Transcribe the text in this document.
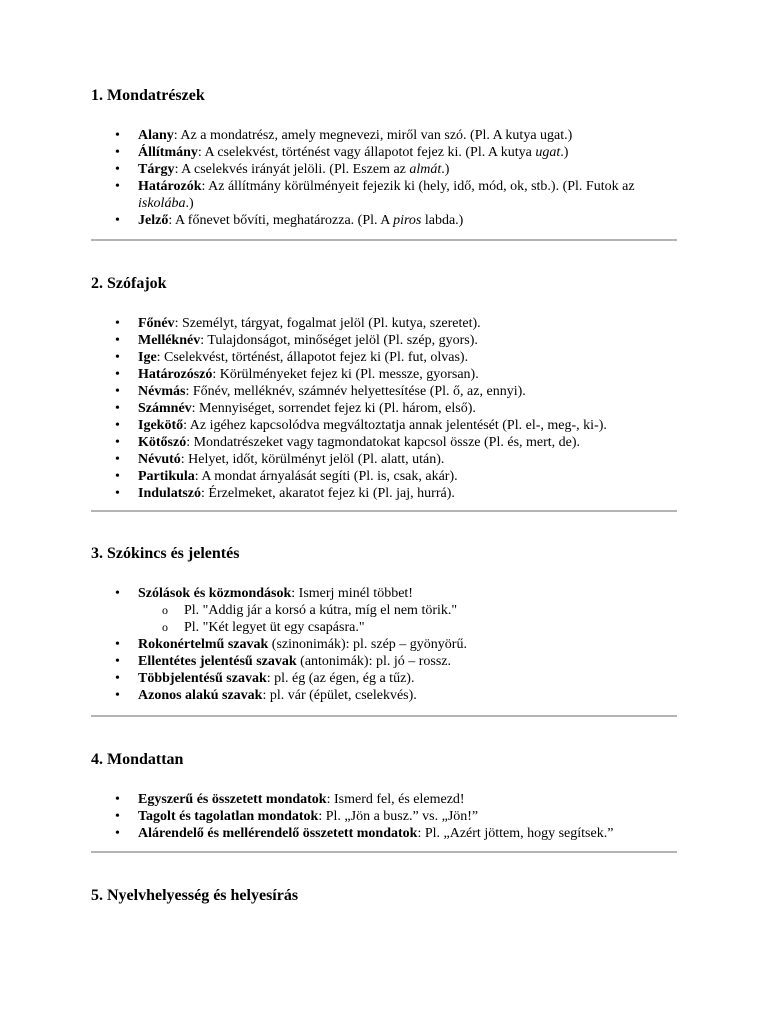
1. Mondatrészek
• Alany: Az a mondatrész, amely megnevezi, miről van szó. (Pl. A kutya ugat.)
• Állítmány: A cselekvést, történést vagy állapotot fejez ki. (Pl. A kutya ugat.)
• Tárgy: A cselekvés irányát jelöli. (Pl. Eszem az almát.)
• Határozók: Az állítmány körülményeit fejezik ki (hely, idő, mód, ok, stb.). (Pl. Futok az iskolába.)
• Jelző: A főnevet bővíti, meghatározza. (Pl. A piros labda.)
2. Szófajok
• Főnév: Személyt, tárgyat, fogalmat jelöl (Pl. kutya, szeretet).
• Melléknév: Tulajdonságot, minőséget jelöl (Pl. szép, gyors).
• Ige: Cselekvést, történést, állapotot fejez ki (Pl. fut, olvas).
• Határozószó: Körülményeket fejez ki (Pl. messze, gyorsan).
• Névmás: Főnév, melléknév, számnév helyettesítése (Pl. ő, az, ennyi).
• Számnév: Mennyiséget, sorrendet fejez ki (Pl. három, első).
• Igekötő: Az igéhez kapcsolódva megváltoztatja annak jelentését (Pl. el-, meg-, ki-).
• Kötőszó: Mondatrészeket vagy tagmondatokat kapcsol össze (Pl. és, mert, de).
• Névutó: Helyet, időt, körülményt jelöl (Pl. alatt, után).
• Partikula: A mondat árnyalását segíti (Pl. is, csak, akár).
• Indulatszó: Érzelmeket, akaratot fejez ki (Pl. jaj, hurrá).
3. Szókincs és jelentés
• Szólások és közmondások: Ismerj minél többet!
o Pl. "Addig jár a korsó a kútra, míg el nem törik."
o Pl. "Két legyet üt egy csapásra."
• Rokonértelmű szavak (szinonimák): pl. szép – gyönyörű.
• Ellentétes jelentésű szavak (antonimák): pl. jó – rossz.
• Többjelentésű szavak: pl. ég (az égen, ég a tűz).
• Azonos alakú szavak: pl. vár (épület, cselekvés).
4. Mondattan
• Egyszerű és összetett mondatok: Ismerd fel, és elemezd!
• Tagolt és tagolatlan mondatok: Pl. „Jön a busz.” vs. „Jön!”
• Alárendelő és mellérendelő összetett mondatok: Pl. „Azért jöttem, hogy segítsek.”
5. Nyelvhelyesség és helyesírás
